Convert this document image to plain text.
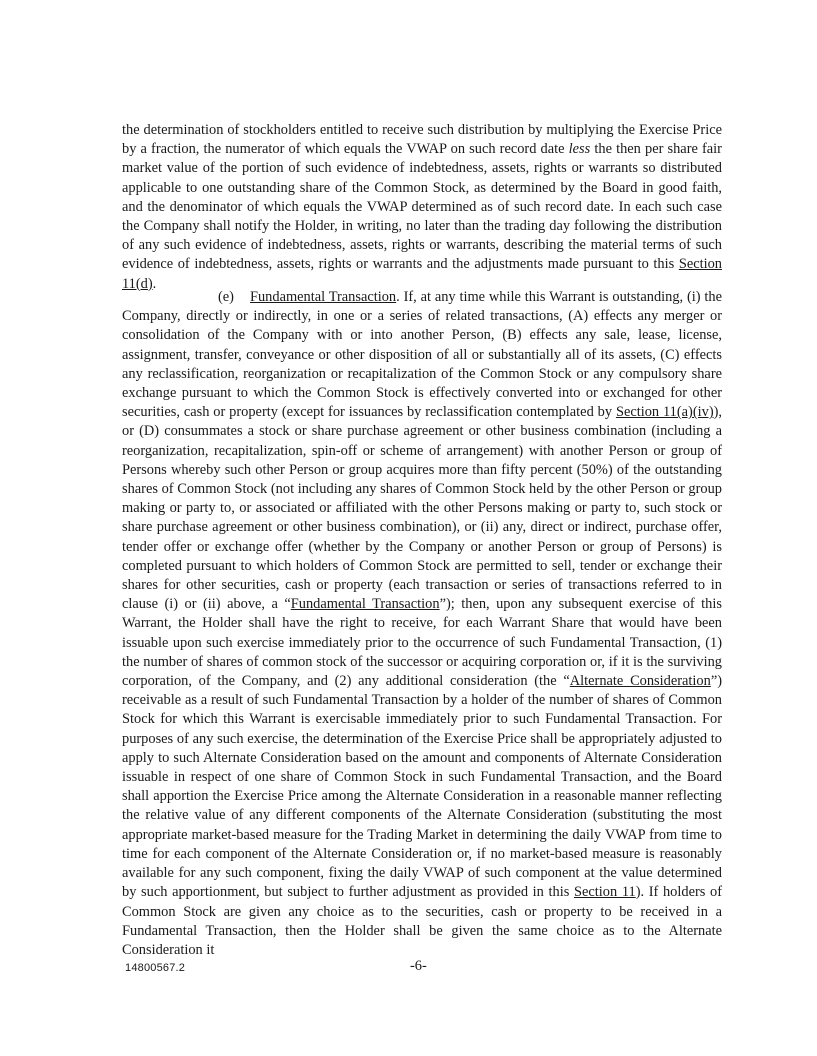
the determination of stockholders entitled to receive such distribution by multiplying the Exercise Price by a fraction, the numerator of which equals the VWAP on such record date less the then per share fair market value of the portion of such evidence of indebtedness, assets, rights or warrants so distributed applicable to one outstanding share of the Common Stock, as determined by the Board in good faith, and the denominator of which equals the VWAP determined as of such record date. In each such case the Company shall notify the Holder, in writing, no later than the trading day following the distribution of any such evidence of indebtedness, assets, rights or warrants, describing the material terms of such evidence of indebtedness, assets, rights or warrants and the adjustments made pursuant to this Section 11(d).
(e) Fundamental Transaction. If, at any time while this Warrant is outstanding, (i) the Company, directly or indirectly, in one or a series of related transactions, (A) effects any merger or consolidation of the Company with or into another Person, (B) effects any sale, lease, license, assignment, transfer, conveyance or other disposition of all or substantially all of its assets, (C) effects any reclassification, reorganization or recapitalization of the Common Stock or any compulsory share exchange pursuant to which the Common Stock is effectively converted into or exchanged for other securities, cash or property (except for issuances by reclassification contemplated by Section 11(a)(iv)), or (D) consummates a stock or share purchase agreement or other business combination (including a reorganization, recapitalization, spin-off or scheme of arrangement) with another Person or group of Persons whereby such other Person or group acquires more than fifty percent (50%) of the outstanding shares of Common Stock (not including any shares of Common Stock held by the other Person or group making or party to, or associated or affiliated with the other Persons making or party to, such stock or share purchase agreement or other business combination), or (ii) any, direct or indirect, purchase offer, tender offer or exchange offer (whether by the Company or another Person or group of Persons) is completed pursuant to which holders of Common Stock are permitted to sell, tender or exchange their shares for other securities, cash or property (each transaction or series of transactions referred to in clause (i) or (ii) above, a “Fundamental Transaction”); then, upon any subsequent exercise of this Warrant, the Holder shall have the right to receive, for each Warrant Share that would have been issuable upon such exercise immediately prior to the occurrence of such Fundamental Transaction, (1) the number of shares of common stock of the successor or acquiring corporation or, if it is the surviving corporation, of the Company, and (2) any additional consideration (the “Alternate Consideration”) receivable as a result of such Fundamental Transaction by a holder of the number of shares of Common Stock for which this Warrant is exercisable immediately prior to such Fundamental Transaction. For purposes of any such exercise, the determination of the Exercise Price shall be appropriately adjusted to apply to such Alternate Consideration based on the amount and components of Alternate Consideration issuable in respect of one share of Common Stock in such Fundamental Transaction, and the Board shall apportion the Exercise Price among the Alternate Consideration in a reasonable manner reflecting the relative value of any different components of the Alternate Consideration (substituting the most appropriate market-based measure for the Trading Market in determining the daily VWAP from time to time for each component of the Alternate Consideration or, if no market-based measure is reasonably available for any such component, fixing the daily VWAP of such component at the value determined by such apportionment, but subject to further adjustment as provided in this Section 11). If holders of Common Stock are given any choice as to the securities, cash or property to be received in a Fundamental Transaction, then the Holder shall be given the same choice as to the Alternate Consideration it
14800567.2	-6-
